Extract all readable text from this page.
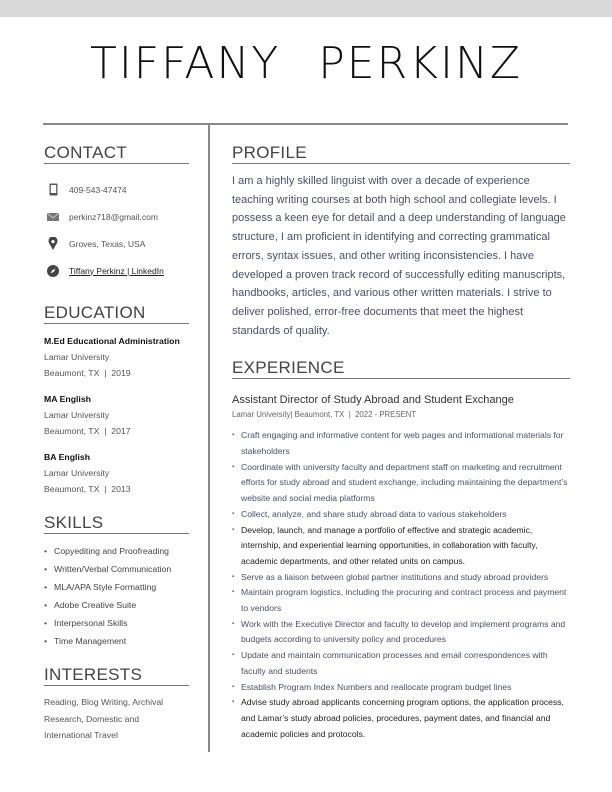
TIFFANY PERKINZ
CONTACT
409-543-47474
perkinz718@gmail.com
Groves, Texas, USA
Tiffany Perkinz | LinkedIn
EDUCATION
M.Ed Educational Administration
Lamar University
Beaumont, TX  |  2019
MA English
Lamar University
Beaumont, TX  |  2017
BA English
Lamar University
Beaumont, TX  |  2013
SKILLS
• Copyediting and Proofreading
• Written/Verbal Communication
• MLA/APA Style Formatting
• Adobe Creative Suite
• Interpersonal Skills
• Time Management
INTERESTS
Reading, Blog Writing, Archival Research, Domestic and International Travel
PROFILE
I am a highly skilled linguist with over a decade of experience teaching writing courses at both high school and collegiate levels. I possess a keen eye for detail and a deep understanding of language structure, I am proficient in identifying and correcting grammatical errors, syntax issues, and other writing inconsistencies. I have developed a proven track record of successfully editing manuscripts, handbooks, articles, and various other written materials. I strive to deliver polished, error-free documents that meet the highest standards of quality.
EXPERIENCE
Assistant Director of Study Abroad and Student Exchange
Lamar University| Beaumont, TX  |  2022 - PRESENT
▪ Craft engaging and informative content for web pages and informational materials for stakeholders
▪ Coordinate with university faculty and department staff on marketing and recruitment efforts for study abroad and student exchange, including maintaining the department’s website and social media platforms
▪ Collect, analyze, and share study abroad data to various stakeholders
▪ Develop, launch, and manage a portfolio of effective and strategic academic, internship, and experiential learning opportunities, in collaboration with faculty, academic departments, and other related units on campus.
▪ Serve as a liaison between global partner institutions and study abroad providers
▪ Maintain program logistics, including the procuring and contract process and payment to vendors
▪ Work with the Executive Director and faculty to develop and implement programs and budgets according to university policy and procedures
▪ Update and maintain communication processes and email correspondences with faculty and students
▪ Establish Program Index Numbers and reallocate program budget lines
▪ Advise study abroad applicants concerning program options, the application process, and Lamar’s study abroad policies, procedures, payment dates, and financial and academic policies and protocols.
